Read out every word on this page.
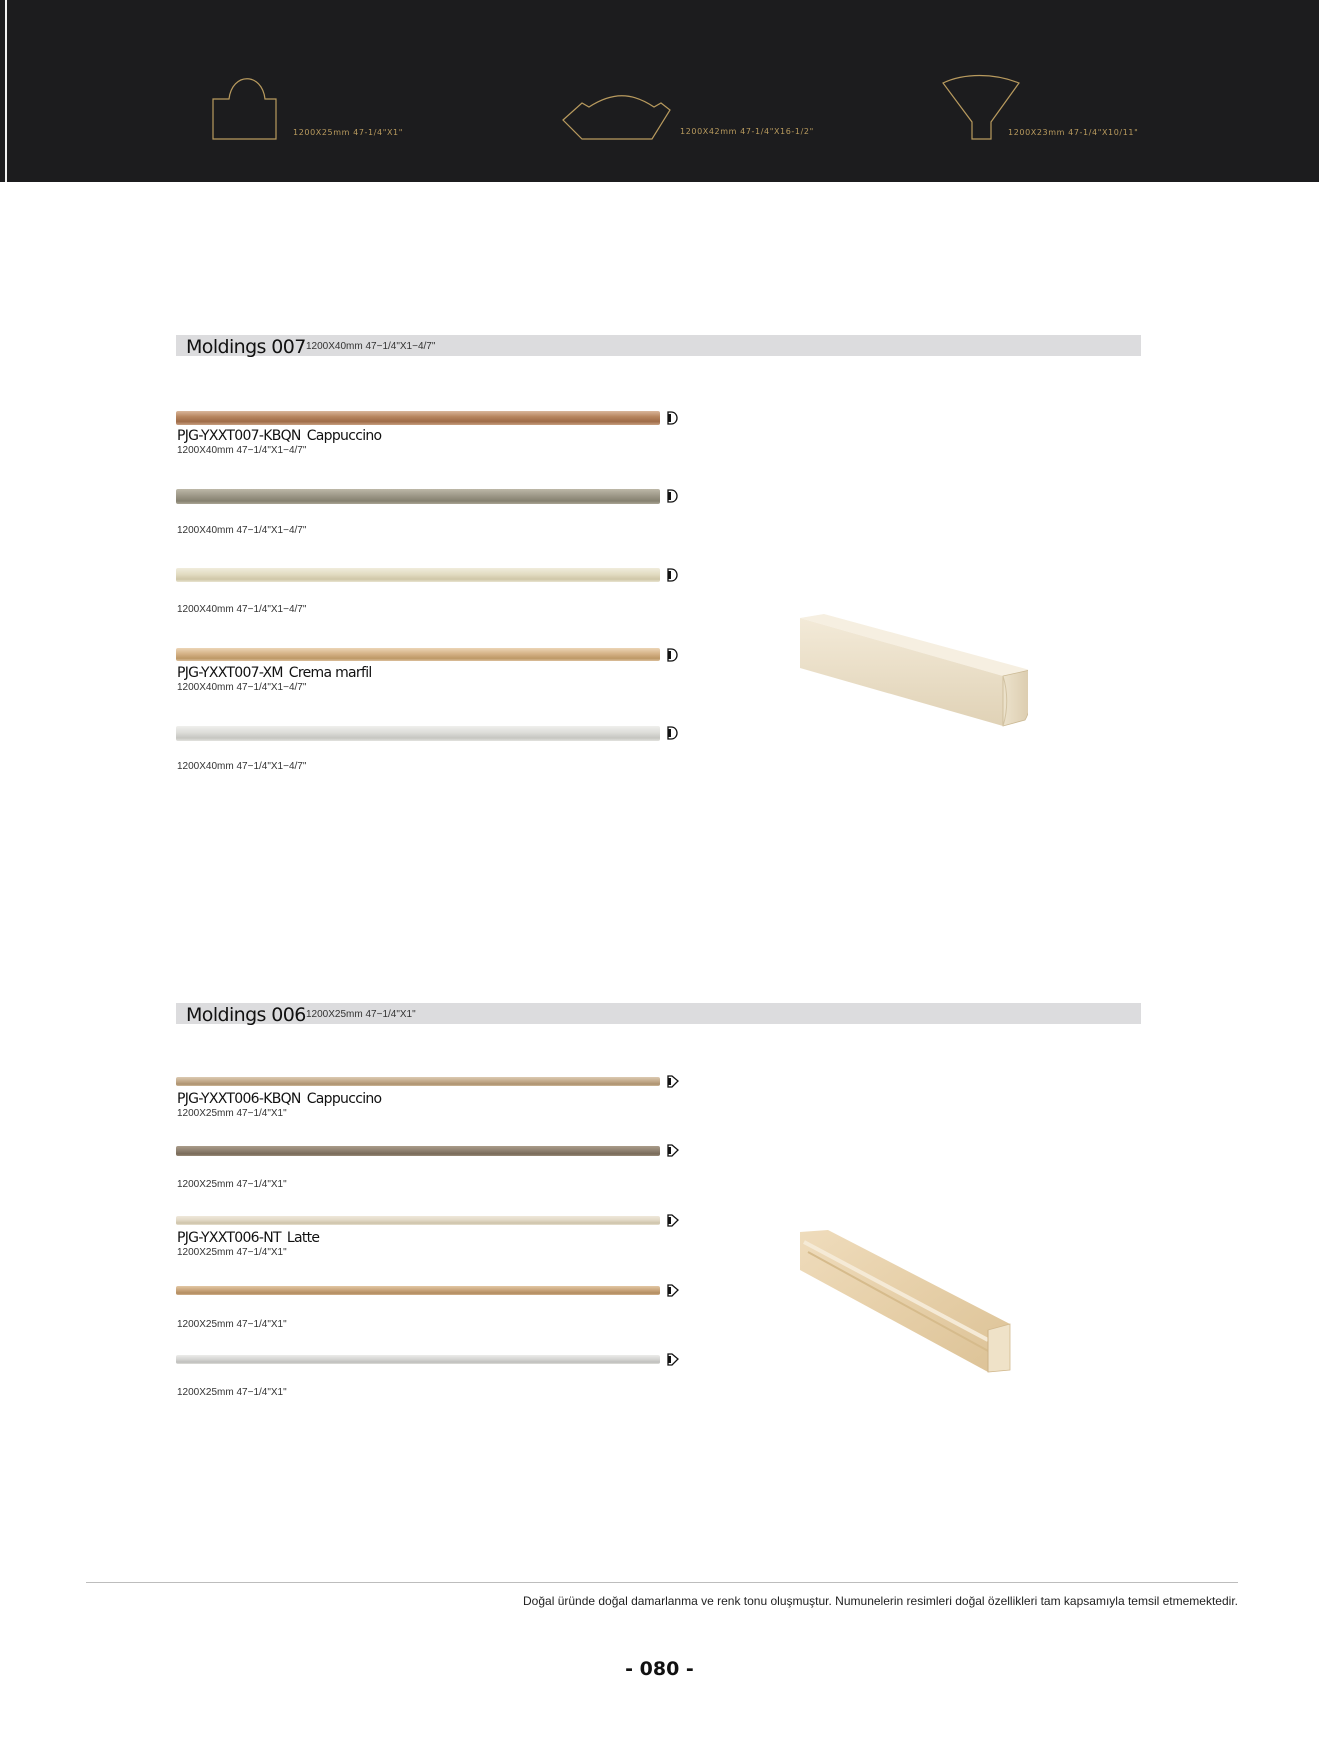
1200X25mm 47-1/4"X1"	1200X42mm 47-1/4"X16-1/2"	1200X23mm 47-1/4"X10/11"
Moldings 007 1200X40mm 47−1/4"X1−4/7"
PJG-YXXT007-KBQN Cappuccino
1200X40mm 47−1/4"X1−4/7"
1200X40mm 47−1/4"X1−4/7"
1200X40mm 47−1/4"X1−4/7"
PJG-YXXT007-XM Crema marfil
1200X40mm 47−1/4"X1−4/7"
1200X40mm 47−1/4"X1−4/7"
Moldings 006 1200X25mm 47−1/4"X1"
PJG-YXXT006-KBQN Cappuccino
1200X25mm 47−1/4"X1"
1200X25mm 47−1/4"X1"
PJG-YXXT006-NT Latte
1200X25mm 47−1/4"X1"
1200X25mm 47−1/4"X1"
1200X25mm 47−1/4"X1"
Doğal üründe doğal damarlanma ve renk tonu oluşmuştur. Numunelerin resimleri doğal özellikleri tam kapsamıyla temsil etmemektedir.
- 080 -
